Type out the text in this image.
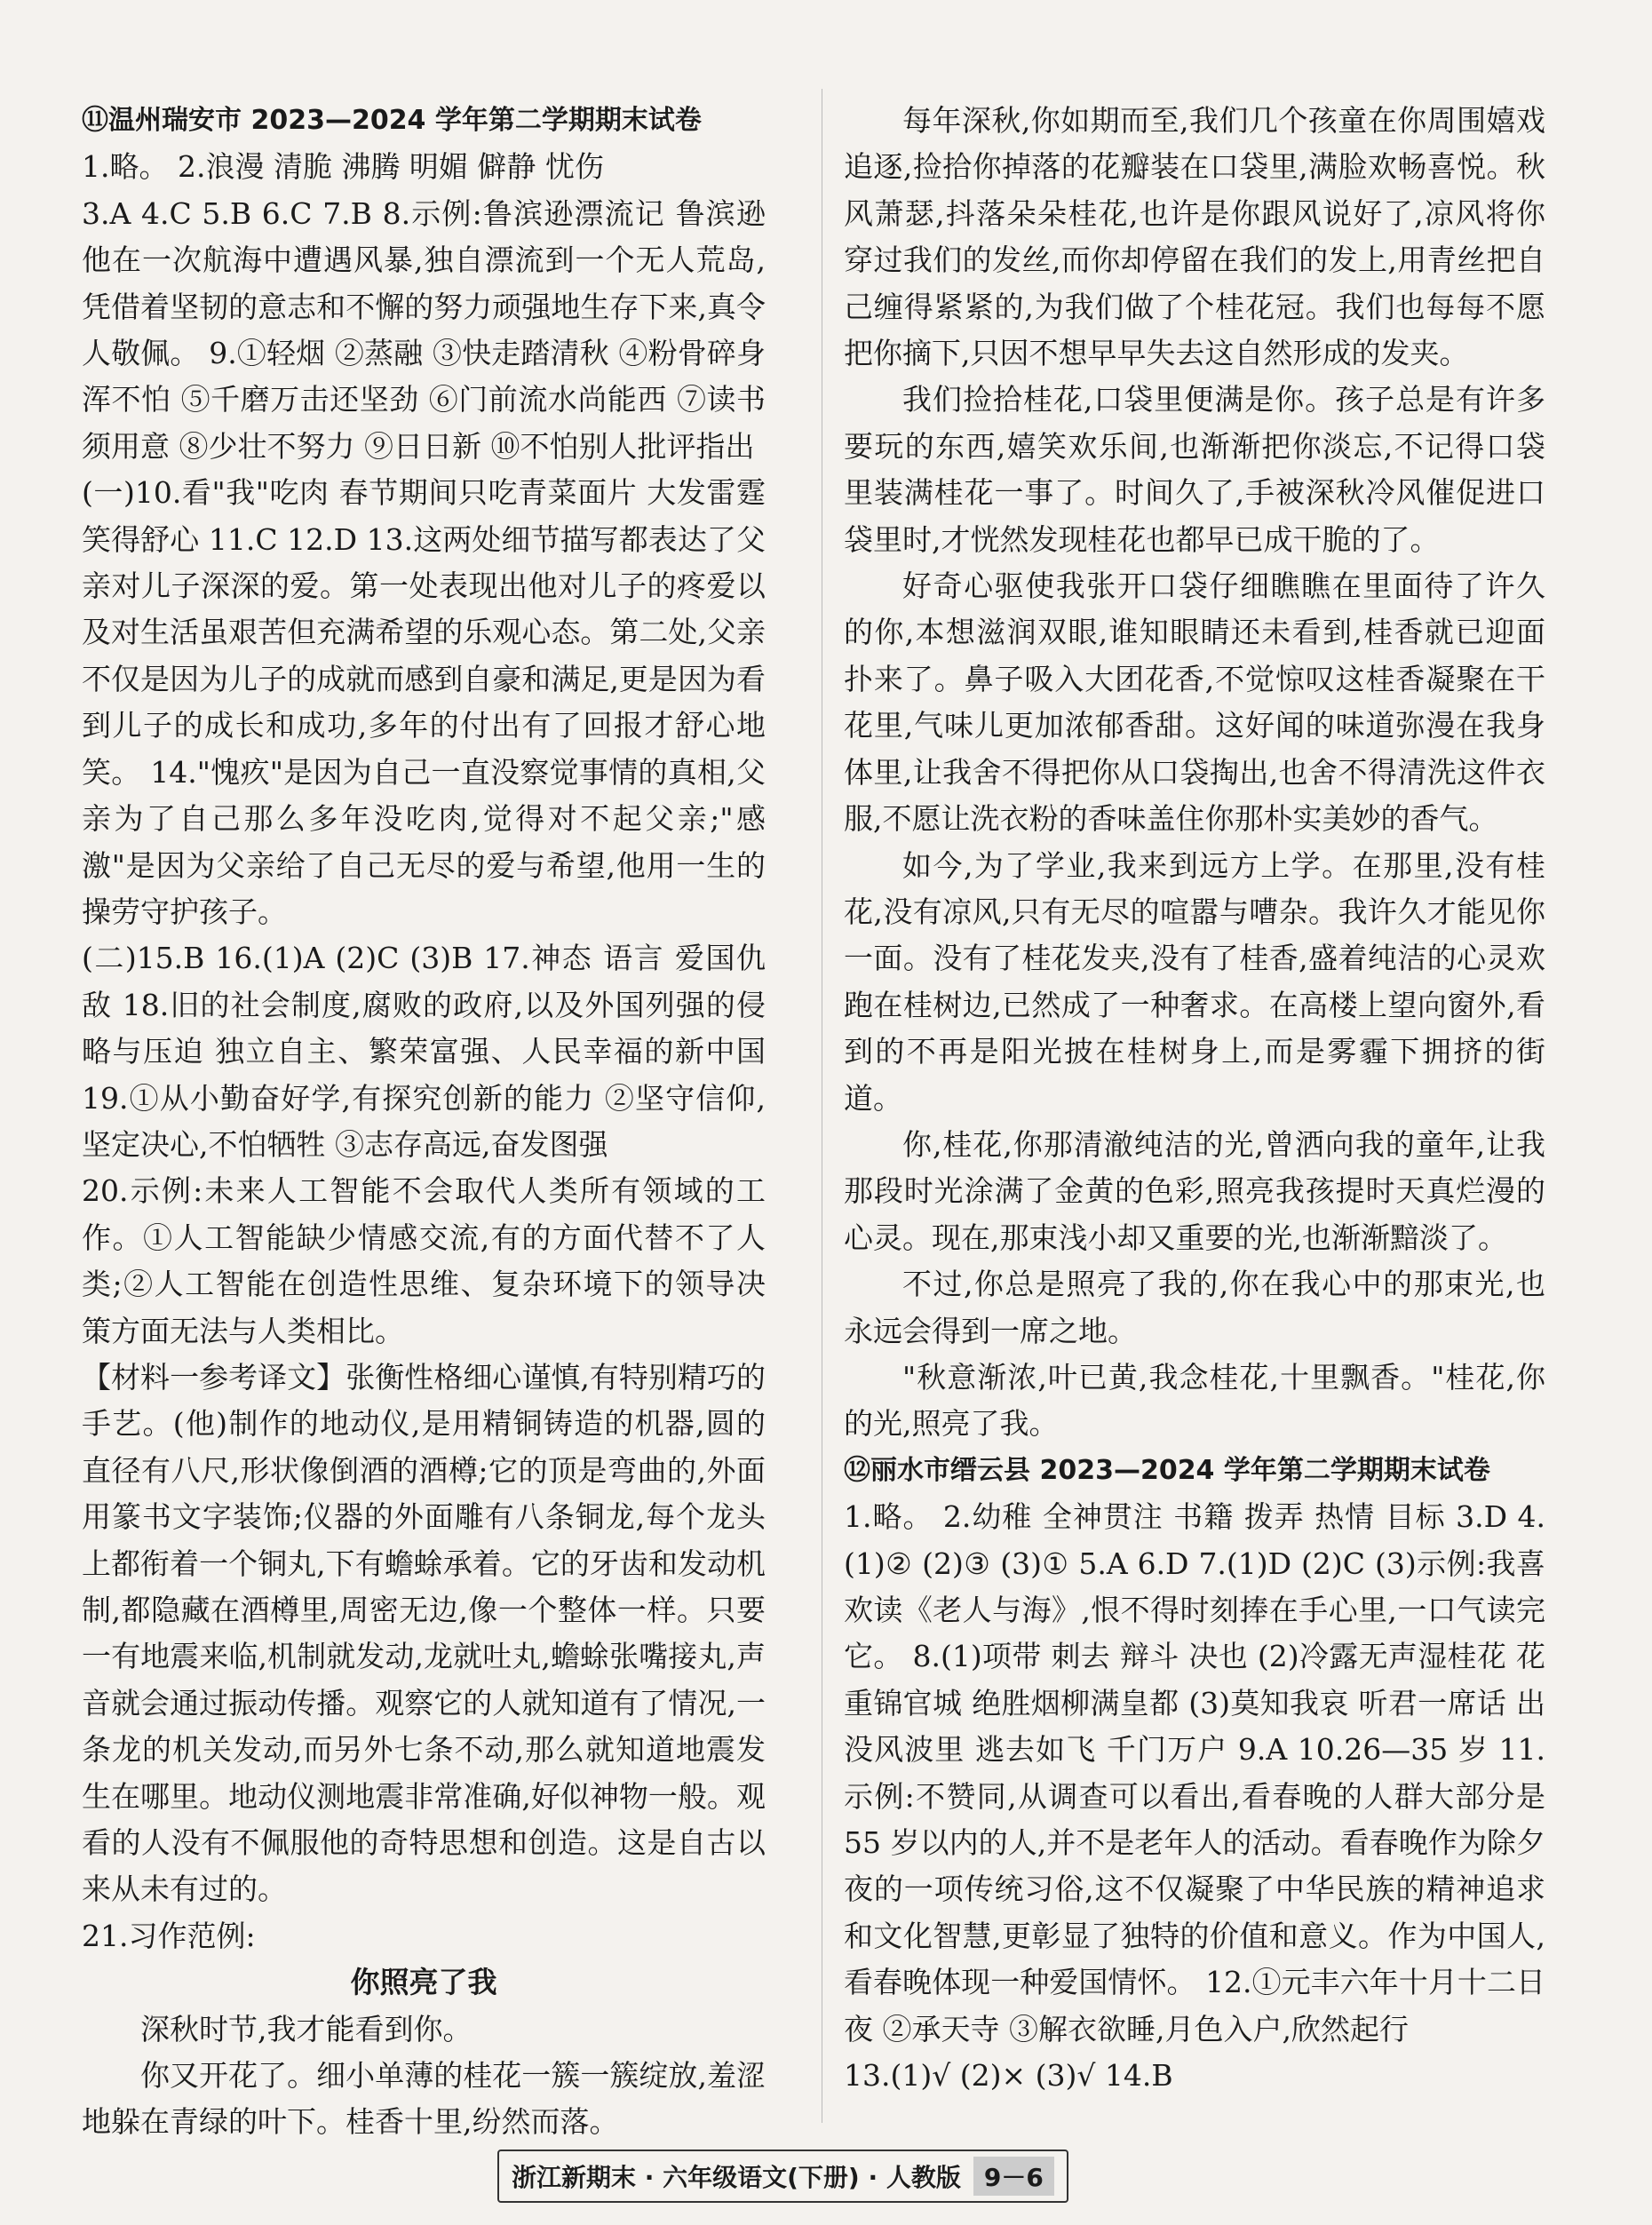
⑪温州瑞安市 2023—2024 学年第二学期期末试卷

1.略。 2.浪漫 清脆 沸腾 明媚 僻静 忧伤

3.A 4.C 5.B 6.C 7.B 8.示例:鲁滨逊漂流记 鲁滨逊 他在一次航海中遭遇风暴,独自漂流到一个无人荒岛,凭借着坚韧的意志和不懈的努力顽强地生存下来,真令人敬佩。 9.①轻烟 ②蒸融 ③快走踏清秋 ④粉骨碎身浑不怕 ⑤千磨万击还坚劲 ⑥门前流水尚能西 ⑦读书须用意 ⑧少壮不努力 ⑨日日新 ⑩不怕别人批评指出

(一)10.看"我"吃肉 春节期间只吃青菜面片 大发雷霆 笑得舒心 11.C 12.D 13.这两处细节描写都表达了父亲对儿子深深的爱。第一处表现出他对儿子的疼爱以及对生活虽艰苦但充满希望的乐观心态。第二处,父亲不仅是因为儿子的成就而感到自豪和满足,更是因为看到儿子的成长和成功,多年的付出有了回报才舒心地笑。 14."愧疚"是因为自己一直没察觉事情的真相,父亲为了自己那么多年没吃肉,觉得对不起父亲;"感激"是因为父亲给了自己无尽的爱与希望,他用一生的操劳守护孩子。

(二)15.B 16.(1)A (2)C (3)B 17.神态 语言 爱国仇敌 18.旧的社会制度,腐败的政府,以及外国列强的侵略与压迫 独立自主、繁荣富强、人民幸福的新中国 19.①从小勤奋好学,有探究创新的能力 ②坚守信仰,坚定决心,不怕牺牲 ③志存高远,奋发图强

20.示例:未来人工智能不会取代人类所有领域的工作。①人工智能缺少情感交流,有的方面代替不了人类;②人工智能在创造性思维、复杂环境下的领导决策方面无法与人类相比。

【材料一参考译文】张衡性格细心谨慎,有特别精巧的手艺。(他)制作的地动仪,是用精铜铸造的机器,圆的直径有八尺,形状像倒酒的酒樽;它的顶是弯曲的,外面用篆书文字装饰;仪器的外面雕有八条铜龙,每个龙头上都衔着一个铜丸,下有蟾蜍承着。它的牙齿和发动机制,都隐藏在酒樽里,周密无边,像一个整体一样。只要一有地震来临,机制就发动,龙就吐丸,蟾蜍张嘴接丸,声音就会通过振动传播。观察它的人就知道有了情况,一条龙的机关发动,而另外七条不动,那么就知道地震发生在哪里。地动仪测地震非常准确,好似神物一般。观看的人没有不佩服他的奇特思想和创造。这是自古以来从未有过的。

21.习作范例:

你照亮了我

深秋时节,我才能看到你。

你又开花了。细小单薄的桂花一簇一簇绽放,羞涩地躲在青绿的叶下。桂香十里,纷然而落。

每年深秋,你如期而至,我们几个孩童在你周围嬉戏追逐,捡拾你掉落的花瓣装在口袋里,满脸欢畅喜悦。秋风萧瑟,抖落朵朵桂花,也许是你跟风说好了,凉风将你穿过我们的发丝,而你却停留在我们的发上,用青丝把自己缠得紧紧的,为我们做了个桂花冠。我们也每每不愿把你摘下,只因不想早早失去这自然形成的发夹。

我们捡拾桂花,口袋里便满是你。孩子总是有许多要玩的东西,嬉笑欢乐间,也渐渐把你淡忘,不记得口袋里装满桂花一事了。时间久了,手被深秋冷风催促进口袋里时,才恍然发现桂花也都早已成干脆的了。

好奇心驱使我张开口袋仔细瞧瞧在里面待了许久的你,本想滋润双眼,谁知眼睛还未看到,桂香就已迎面扑来了。鼻子吸入大团花香,不觉惊叹这桂香凝聚在干花里,气味儿更加浓郁香甜。这好闻的味道弥漫在我身体里,让我舍不得把你从口袋掏出,也舍不得清洗这件衣服,不愿让洗衣粉的香味盖住你那朴实美妙的香气。

如今,为了学业,我来到远方上学。在那里,没有桂花,没有凉风,只有无尽的喧嚣与嘈杂。我许久才能见你一面。没有了桂花发夹,没有了桂香,盛着纯洁的心灵欢跑在桂树边,已然成了一种奢求。在高楼上望向窗外,看到的不再是阳光披在桂树身上,而是雾霾下拥挤的街道。

你,桂花,你那清澈纯洁的光,曾洒向我的童年,让我那段时光涂满了金黄的色彩,照亮我孩提时天真烂漫的心灵。现在,那束浅小却又重要的光,也渐渐黯淡了。

不过,你总是照亮了我的,你在我心中的那束光,也永远会得到一席之地。

"秋意渐浓,叶已黄,我念桂花,十里飘香。"桂花,你的光,照亮了我。

⑫丽水市缙云县 2023—2024 学年第二学期期末试卷

1.略。 2.幼稚 全神贯注 书籍 拨弄 热情 目标 3.D 4.(1)② (2)③ (3)① 5.A 6.D 7.(1)D (2)C (3)示例:我喜欢读《老人与海》,恨不得时刻捧在手心里,一口气读完它。 8.(1)项带 刺去 辩斗 决也 (2)冷露无声湿桂花 花重锦官城 绝胜烟柳满皇都 (3)莫知我哀 听君一席话 出没风波里 逃去如飞 千门万户 9.A 10.26—35 岁 11.示例:不赞同,从调查可以看出,看春晚的人群大部分是 55 岁以内的人,并不是老年人的活动。看春晚作为除夕夜的一项传统习俗,这不仅凝聚了中华民族的精神追求和文化智慧,更彰显了独特的价值和意义。作为中国人,看春晚体现一种爱国情怀。 12.①元丰六年十月十二日夜 ②承天寺 ③解衣欲睡,月色入户,欣然起行

13.(1)√ (2)× (3)√ 14.B

浙江新期末 · 六年级语文(下册) · 人教版 9－6
